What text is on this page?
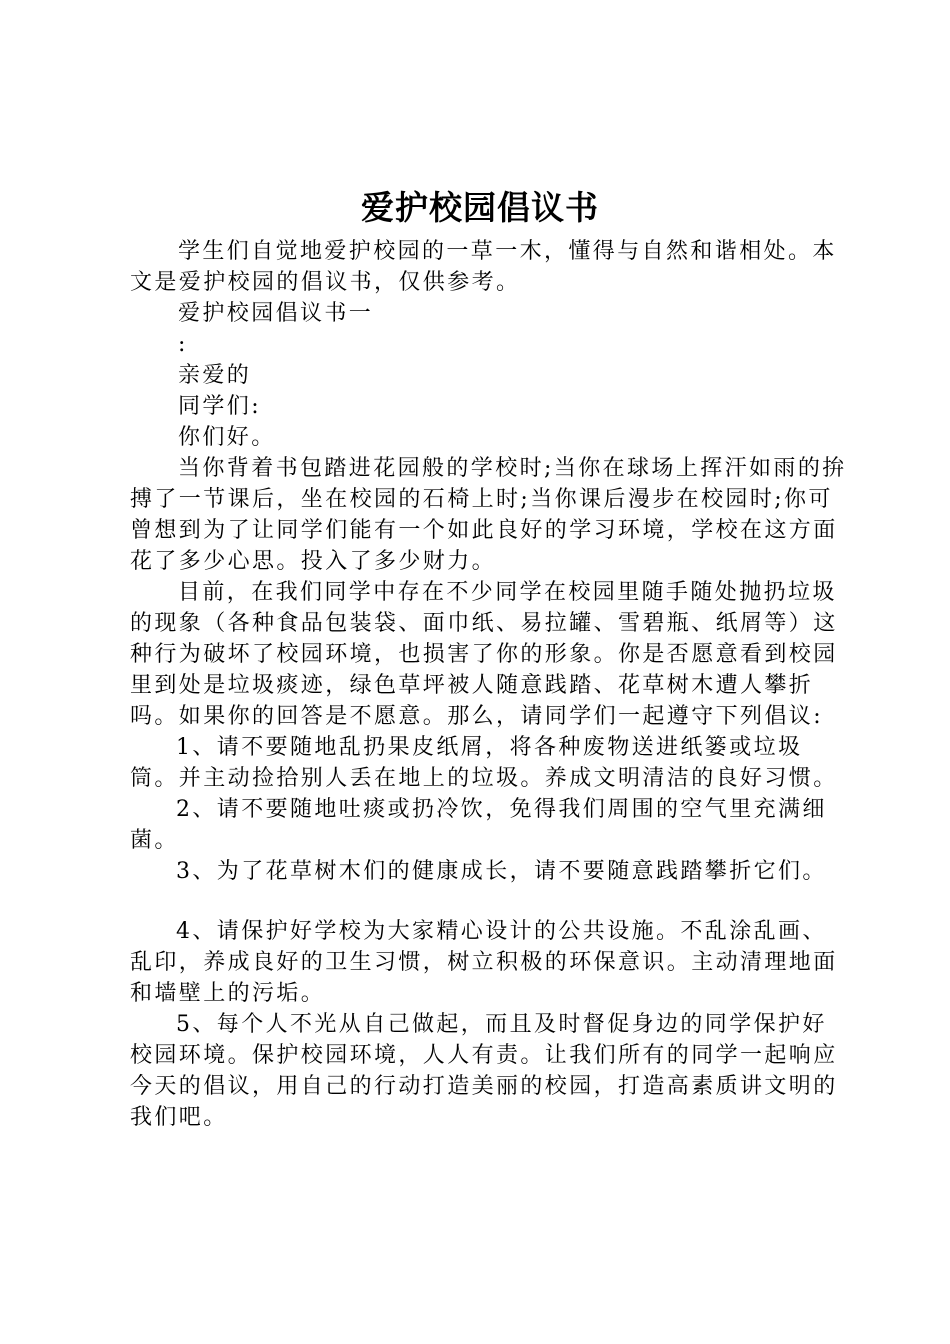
爱护校园倡议书

学生们自觉地爱护校园的一草一木，懂得与自然和谐相处。本文是爱护校园的倡议书，仅供参考。

爱护校园倡议书一

:

亲爱的

同学们:

你们好。

当你背着书包踏进花园般的学校时;当你在球场上挥汗如雨的拚搏了一节课后，坐在校园的石椅上时;当你课后漫步在校园时;你可曾想到为了让同学们能有一个如此良好的学习环境，学校在这方面花了多少心思。投入了多少财力。

目前，在我们同学中存在不少同学在校园里随手随处抛扔垃圾的现象（各种食品包装袋、面巾纸、易拉罐、雪碧瓶、纸屑等）这种行为破坏了校园环境，也损害了你的形象。你是否愿意看到校园里到处是垃圾痰迹，绿色草坪被人随意践踏、花草树木遭人攀折吗。如果你的回答是不愿意。那么，请同学们一起遵守下列倡议:

1、请不要随地乱扔果皮纸屑，将各种废物送进纸篓或垃圾筒。并主动捡拾别人丢在地上的垃圾。养成文明清洁的良好习惯。

2、请不要随地吐痰或扔冷饮，免得我们周围的空气里充满细菌。

3、为了花草树木们的健康成长，请不要随意践踏攀折它们。

4、请保护好学校为大家精心设计的公共设施。不乱涂乱画、乱印，养成良好的卫生习惯，树立积极的环保意识。主动清理地面和墙壁上的污垢。

5、每个人不光从自己做起，而且及时督促身边的同学保护好校园环境。保护校园环境，人人有责。让我们所有的同学一起响应今天的倡议，用自己的行动打造美丽的校园，打造高素质讲文明的我们吧。
